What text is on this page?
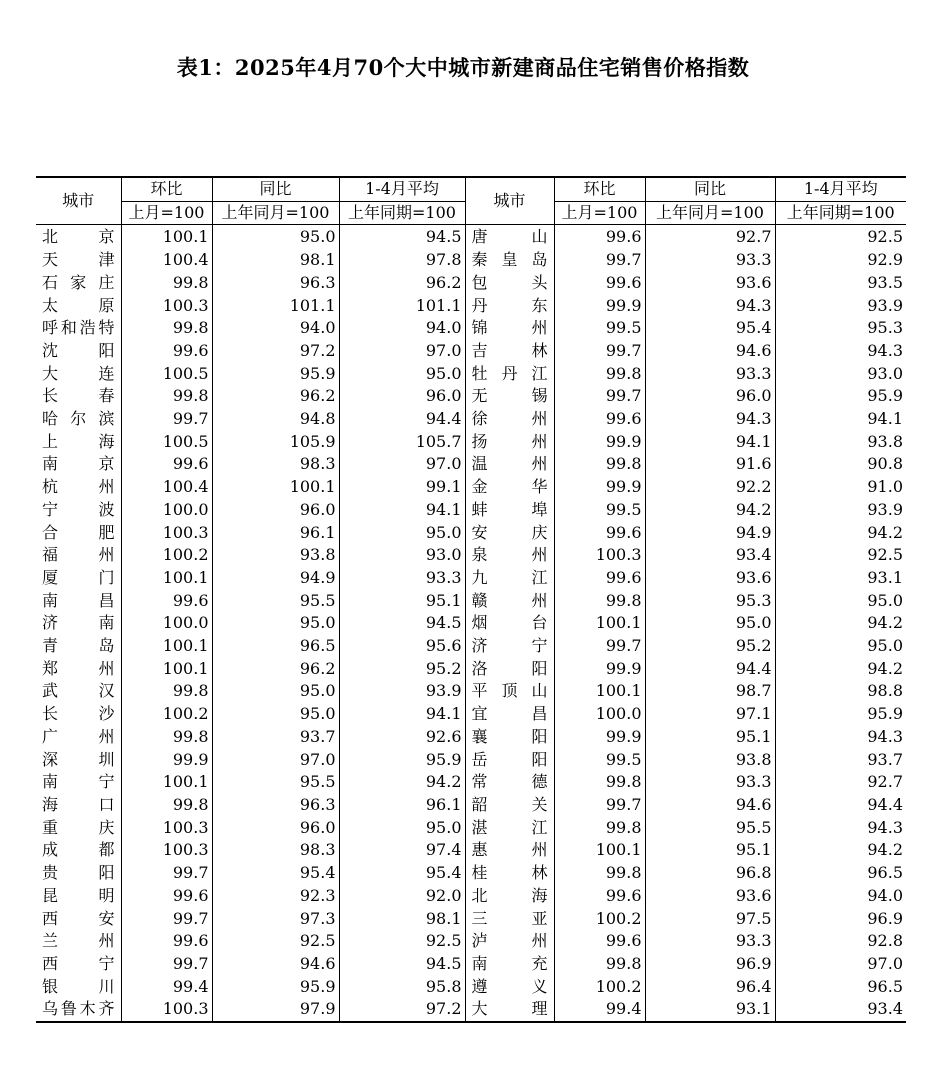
表1：2025年4月70个大中城市新建商品住宅销售价格指数
城市	环比	同比	1-4月平均	城市	环比	同比	1-4月平均
	上月=100	上年同月=100	上年同期=100		上月=100	上年同月=100	上年同期=100
北　京	100.1	95.0	94.5	唐　山	99.6	92.7	92.5
天　津	100.4	98.1	97.8	秦皇岛	99.7	93.3	92.9
石家庄	99.8	96.3	96.2	包　头	99.6	93.6	93.5
太　原	100.3	101.1	101.1	丹　东	99.9	94.3	93.9
呼和浩特	99.8	94.0	94.0	锦　州	99.5	95.4	95.3
沈　阳	99.6	97.2	97.0	吉　林	99.7	94.6	94.3
大　连	100.5	95.9	95.0	牡丹江	99.8	93.3	93.0
长　春	99.8	96.2	96.0	无　锡	99.7	96.0	95.9
哈尔滨	99.7	94.8	94.4	徐　州	99.6	94.3	94.1
上　海	100.5	105.9	105.7	扬　州	99.9	94.1	93.8
南　京	99.6	98.3	97.0	温　州	99.8	91.6	90.8
杭　州	100.4	100.1	99.1	金　华	99.9	92.2	91.0
宁　波	100.0	96.0	94.1	蚌　埠	99.5	94.2	93.9
合　肥	100.3	96.1	95.0	安　庆	99.6	94.9	94.2
福　州	100.2	93.8	93.0	泉　州	100.3	93.4	92.5
厦　门	100.1	94.9	93.3	九　江	99.6	93.6	93.1
南　昌	99.6	95.5	95.1	赣　州	99.8	95.3	95.0
济　南	100.0	95.0	94.5	烟　台	100.1	95.0	94.2
青　岛	100.1	96.5	95.6	济　宁	99.7	95.2	95.0
郑　州	100.1	96.2	95.2	洛　阳	99.9	94.4	94.2
武　汉	99.8	95.0	93.9	平顶山	100.1	98.7	98.8
长　沙	100.2	95.0	94.1	宜　昌	100.0	97.1	95.9
广　州	99.8	93.7	92.6	襄　阳	99.9	95.1	94.3
深　圳	99.9	97.0	95.9	岳　阳	99.5	93.8	93.7
南　宁	100.1	95.5	94.2	常　德	99.8	93.3	92.7
海　口	99.8	96.3	96.1	韶　关	99.7	94.6	94.4
重　庆	100.3	96.0	95.0	湛　江	99.8	95.5	94.3
成　都	100.3	98.3	97.4	惠　州	100.1	95.1	94.2
贵　阳	99.7	95.4	95.4	桂　林	99.8	96.8	96.5
昆　明	99.6	92.3	92.0	北　海	99.6	93.6	94.0
西　安	99.7	97.3	98.1	三　亚	100.2	97.5	96.9
兰　州	99.6	92.5	92.5	泸　州	99.6	93.3	92.8
西　宁	99.7	94.6	94.5	南　充	99.8	96.9	97.0
银　川	99.4	95.9	95.8	遵　义	100.2	96.4	96.5
乌鲁木齐	100.3	97.9	97.2	大　理	99.4	93.1	93.4
